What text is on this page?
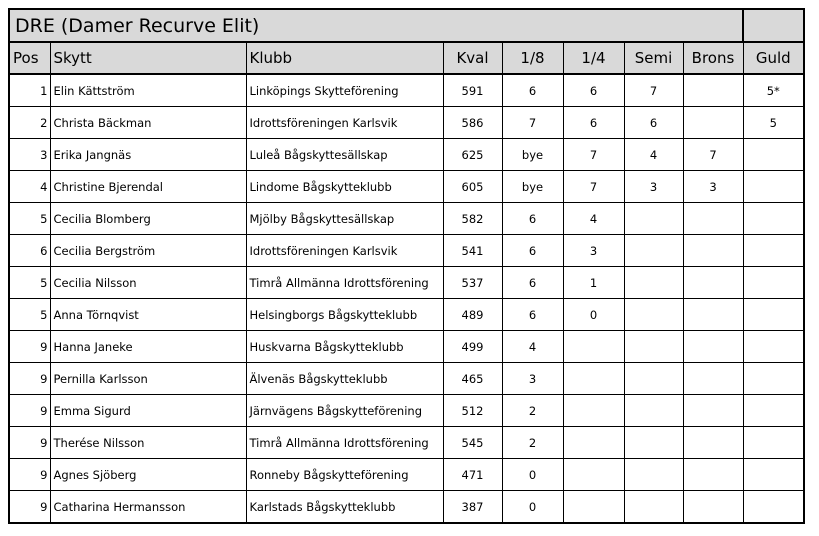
DRE (Damer Recurve Elit)								
Pos	Skytt	Klubb	Kval	1/8	1/4	Semi	Brons	Guld
1	Elin Kättström	Linköpings Skytteförening	591	6	6	7		5*
2	Christa Bäckman	Idrottsföreningen Karlsvik	586	7	6	6		5
3	Erika Jangnäs	Luleå Bågskyttesällskap	625	bye	7	4	7	
4	Christine Bjerendal	Lindome Bågskytteklubb	605	bye	7	3	3	
5	Cecilia Blomberg	Mjölby Bågskyttesällskap	582	6	4			
6	Cecilia Bergström	Idrottsföreningen Karlsvik	541	6	3			
5	Cecilia Nilsson	Timrå Allmänna Idrottsförening	537	6	1			
5	Anna Törnqvist	Helsingborgs Bågskytteklubb	489	6	0			
9	Hanna Janeke	Huskvarna Bågskytteklubb	499	4				
9	Pernilla Karlsson	Älvenäs Bågskytteklubb	465	3				
9	Emma Sigurd	Järnvägens Bågskytteförening	512	2				
9	Therése Nilsson	Timrå Allmänna Idrottsförening	545	2				
9	Agnes Sjöberg	Ronneby Bågskytteförening	471	0				
9	Catharina Hermansson	Karlstads Bågskytteklubb	387	0				
